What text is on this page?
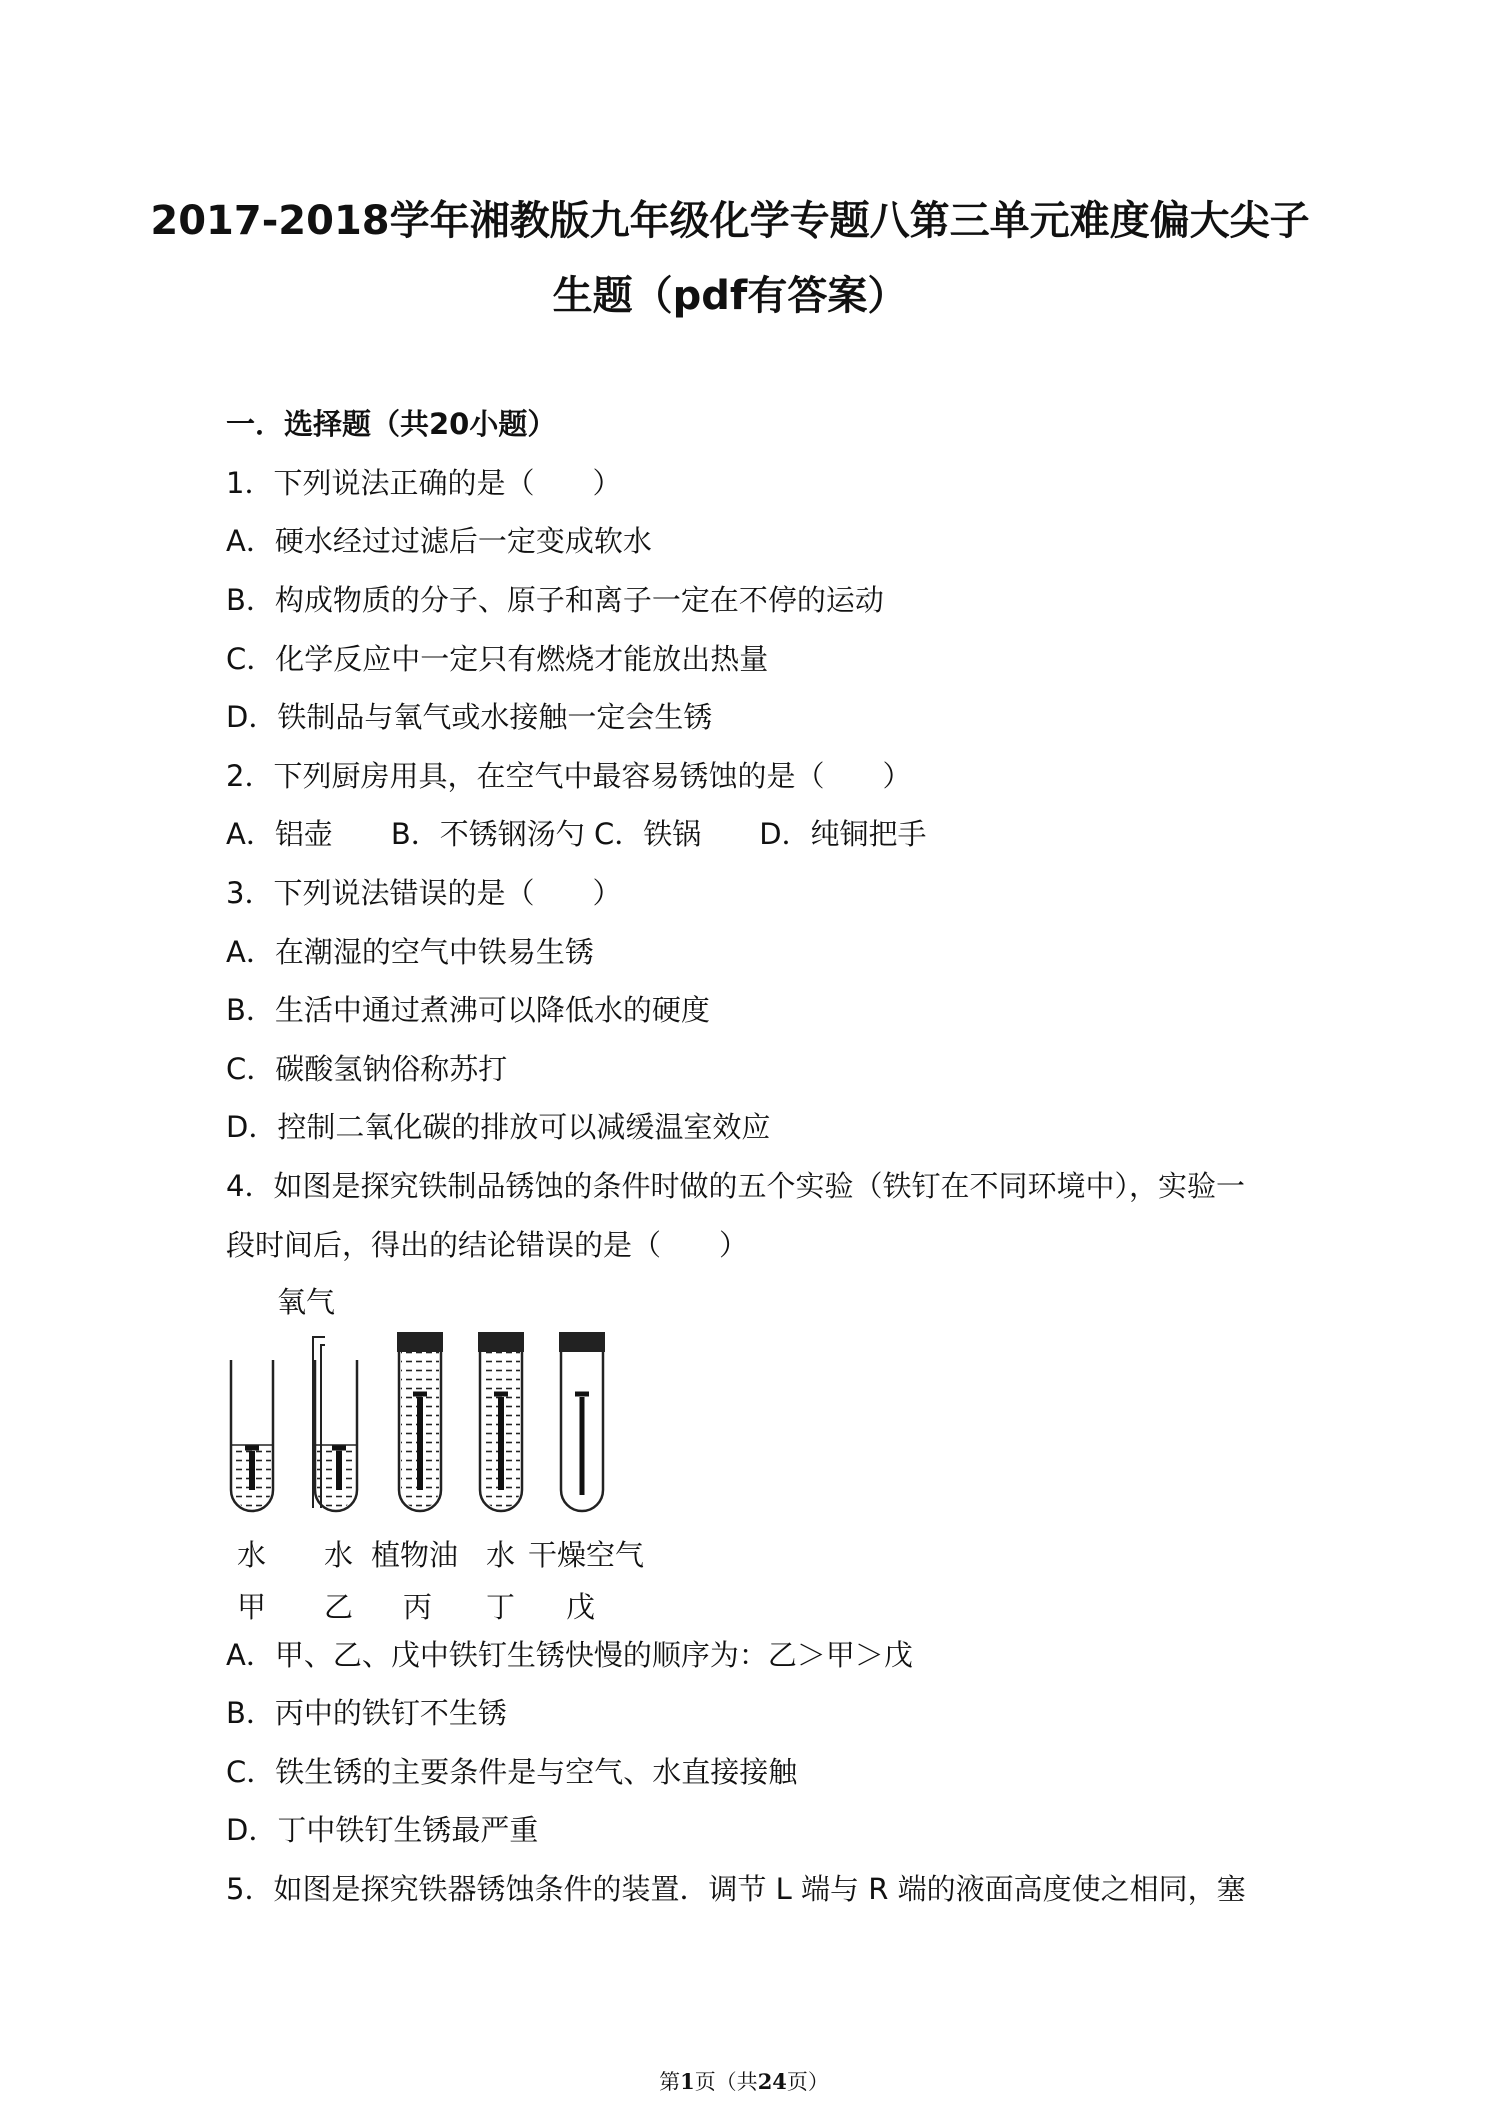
2017-2018学年湘教版九年级化学专题八第三单元难度偏大尖子
生题（pdf有答案）
一．选择题（共20小题）
1．下列说法正确的是（　　）
A．硬水经过过滤后一定变成软水
B．构成物质的分子、原子和离子一定在不停的运动
C．化学反应中一定只有燃烧才能放出热量
D．铁制品与氧气或水接触一定会生锈
2．下列厨房用具，在空气中最容易锈蚀的是（　　）
A．铝壶　　B．不锈钢汤勺 C．铁锅　　D．纯铜把手
3．下列说法错误的是（　　）
A．在潮湿的空气中铁易生锈
B．生活中通过煮沸可以降低水的硬度
C．碳酸氢钠俗称苏打
D．控制二氧化碳的排放可以减缓温室效应
4．如图是探究铁制品锈蚀的条件时做的五个实验（铁钉在不同环境中），实验一
段时间后，得出的结论错误的是（　　）
氧气
水 水 植物油 水 干燥空气
甲 乙 丙 丁 戊
A．甲、乙、戊中铁钉生锈快慢的顺序为：乙＞甲＞戊
B．丙中的铁钉不生锈
C．铁生锈的主要条件是与空气、水直接接触
D．丁中铁钉生锈最严重
5．如图是探究铁器锈蚀条件的装置．调节 L 端与 R 端的液面高度使之相同，塞
第1页（共24页）
